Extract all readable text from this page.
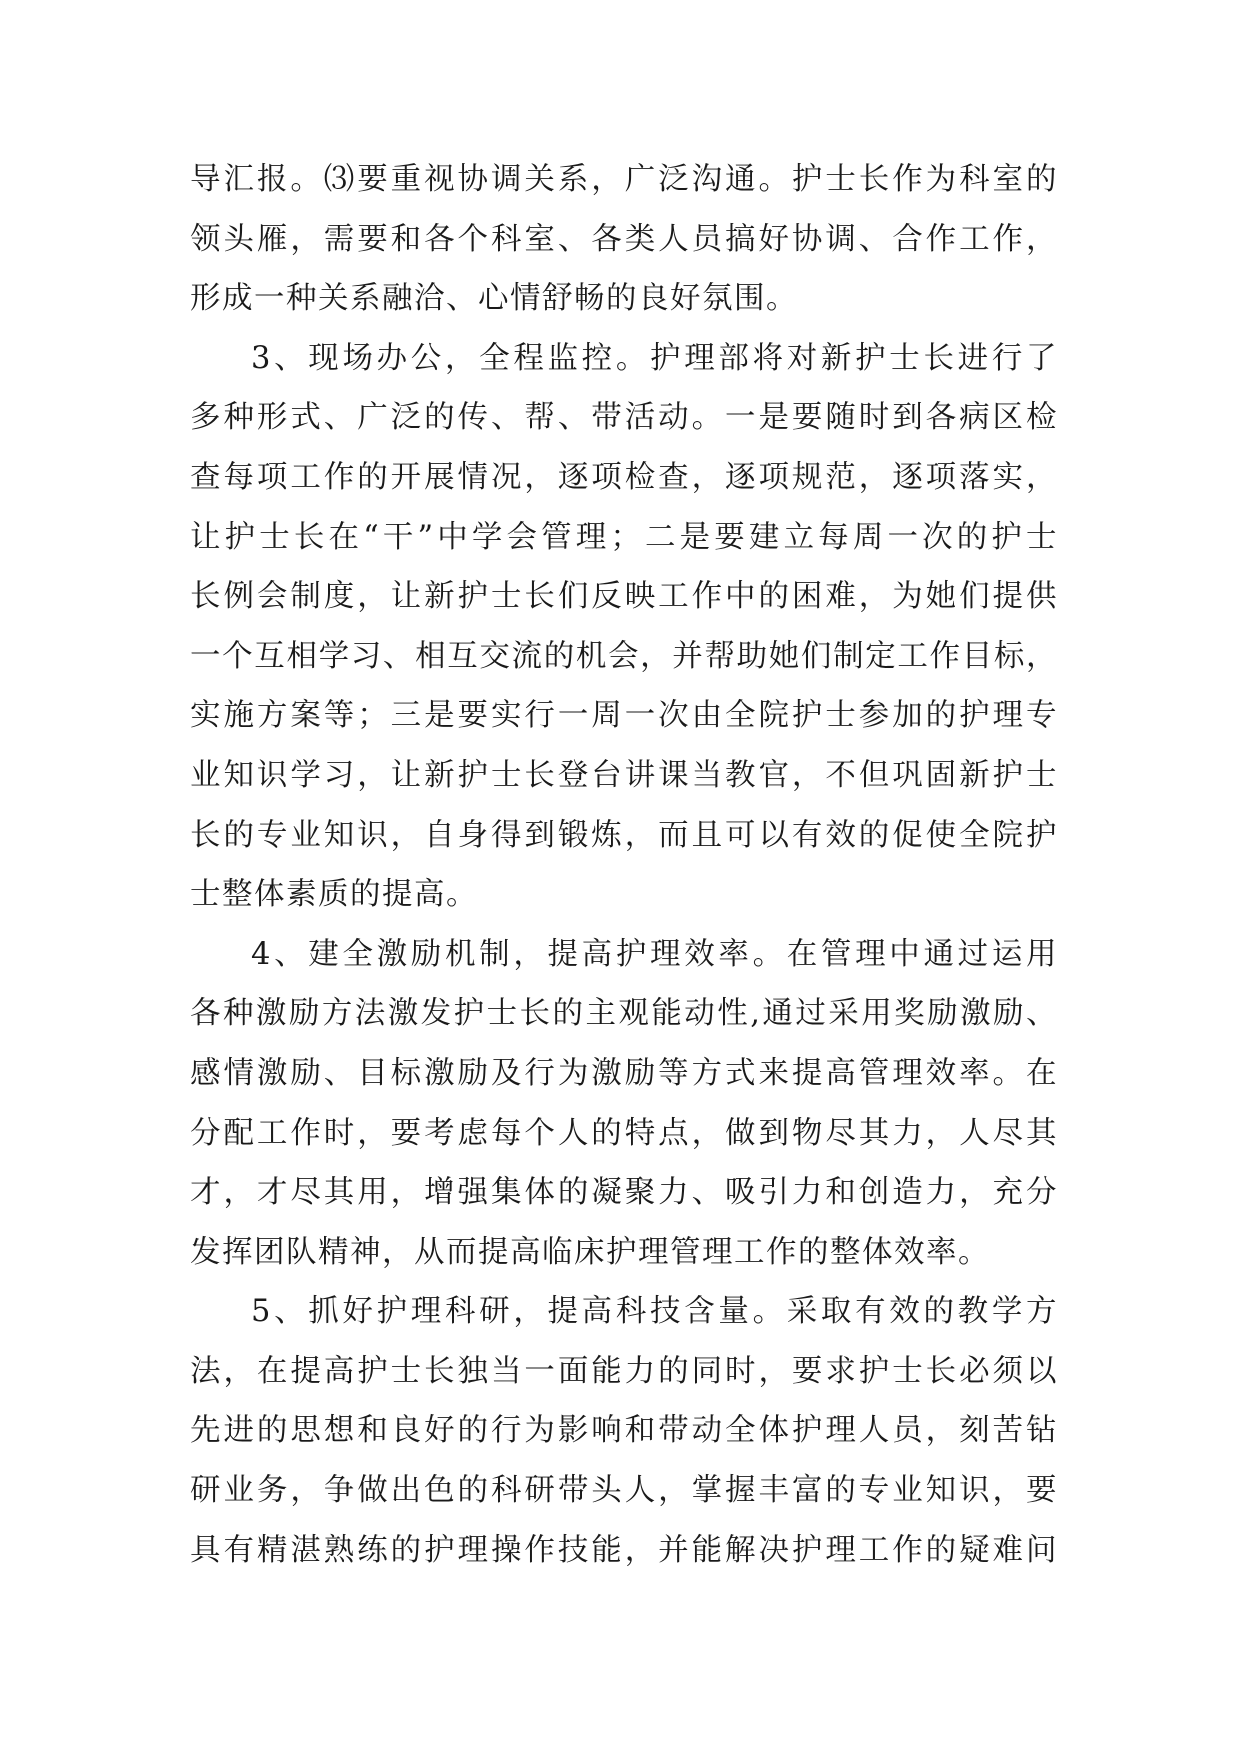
导汇报。⑶要重视协调关系，广泛沟通。护士长作为科室的
领头雁，需要和各个科室、各类人员搞好协调、合作工作，
形成一种关系融洽、心情舒畅的良好氛围。
3、现场办公，全程监控。护理部将对新护士长进行了
多种形式、广泛的传、帮、带活动。一是要随时到各病区检
查每项工作的开展情况，逐项检查，逐项规范，逐项落实，
让护士长在“干”中学会管理；二是要建立每周一次的护士
长例会制度，让新护士长们反映工作中的困难，为她们提供
一个互相学习、相互交流的机会，并帮助她们制定工作目标，
实施方案等；三是要实行一周一次由全院护士参加的护理专
业知识学习，让新护士长登台讲课当教官，不但巩固新护士
长的专业知识，自身得到锻炼，而且可以有效的促使全院护
士整体素质的提高。
4、建全激励机制，提高护理效率。在管理中通过运用
各种激励方法激发护士长的主观能动性,通过采用奖励激励、
感情激励、目标激励及行为激励等方式来提高管理效率。在
分配工作时，要考虑每个人的特点，做到物尽其力，人尽其
才，才尽其用，增强集体的凝聚力、吸引力和创造力，充分
发挥团队精神，从而提高临床护理管理工作的整体效率。
5、抓好护理科研，提高科技含量。采取有效的教学方
法，在提高护士长独当一面能力的同时，要求护士长必须以
先进的思想和良好的行为影响和带动全体护理人员，刻苦钻
研业务，争做出色的科研带头人，掌握丰富的专业知识，要
具有精湛熟练的护理操作技能，并能解决护理工作的疑难问
